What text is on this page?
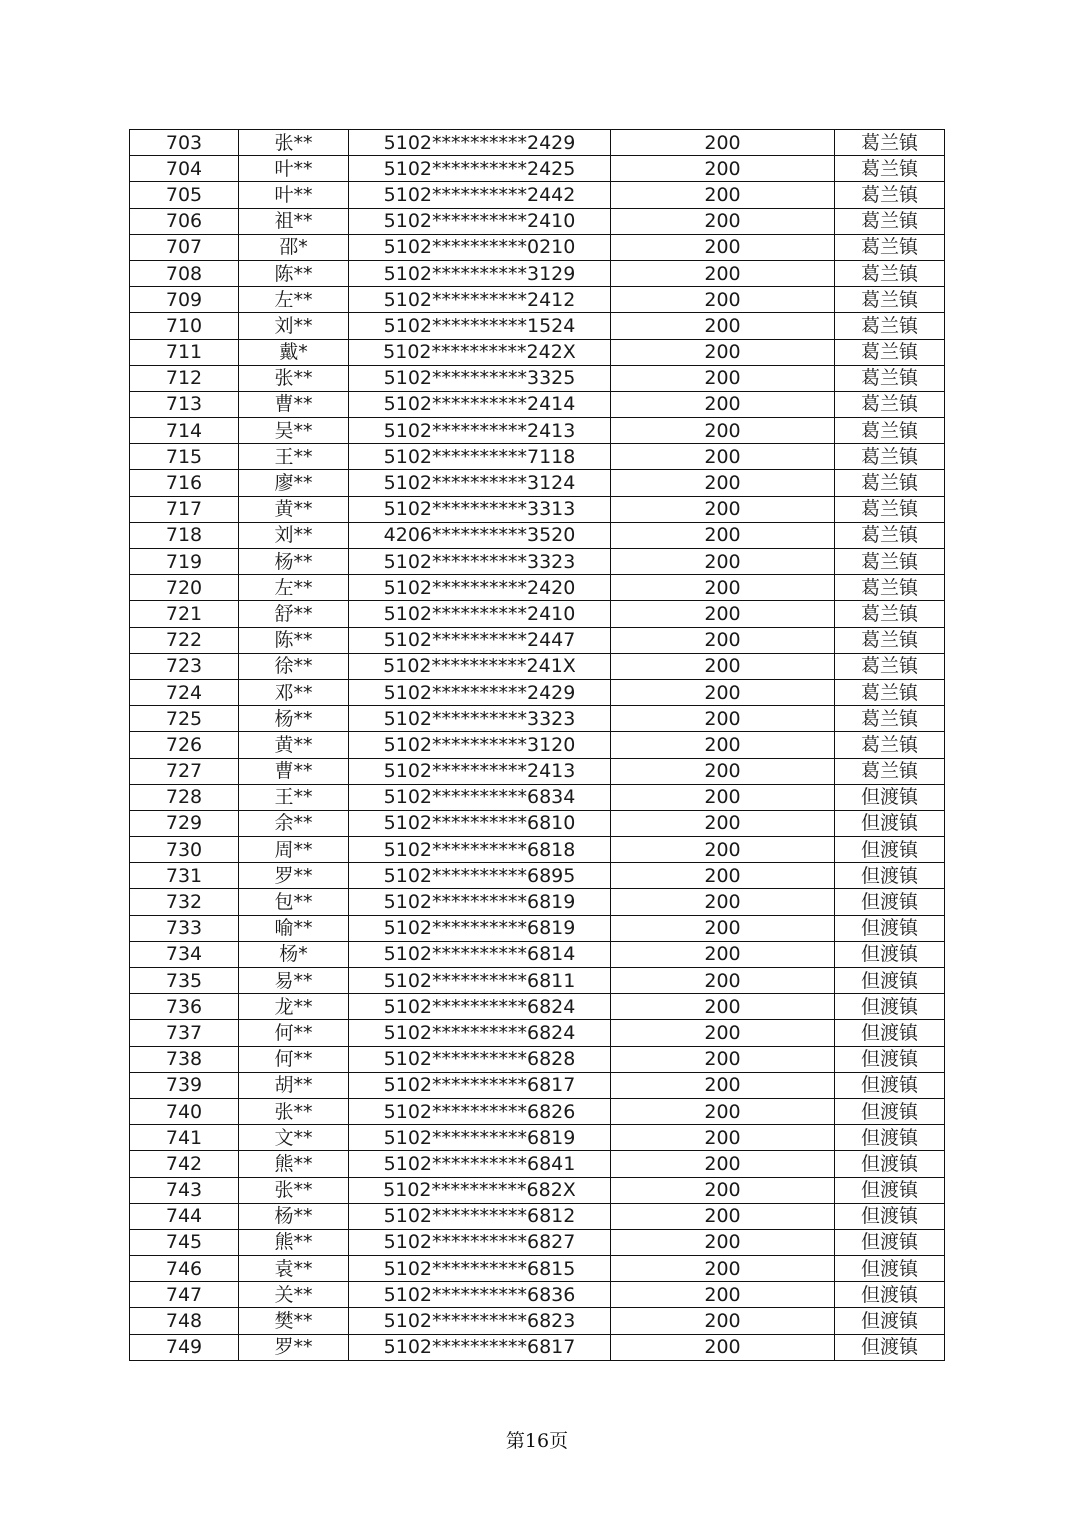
703	张**	5102**********2429	200	葛兰镇
704	叶**	5102**********2425	200	葛兰镇
705	叶**	5102**********2442	200	葛兰镇
706	祖**	5102**********2410	200	葛兰镇
707	邵*	5102**********0210	200	葛兰镇
708	陈**	5102**********3129	200	葛兰镇
709	左**	5102**********2412	200	葛兰镇
710	刘**	5102**********1524	200	葛兰镇
711	戴*	5102**********242X	200	葛兰镇
712	张**	5102**********3325	200	葛兰镇
713	曹**	5102**********2414	200	葛兰镇
714	吴**	5102**********2413	200	葛兰镇
715	王**	5102**********7118	200	葛兰镇
716	廖**	5102**********3124	200	葛兰镇
717	黄**	5102**********3313	200	葛兰镇
718	刘**	4206**********3520	200	葛兰镇
719	杨**	5102**********3323	200	葛兰镇
720	左**	5102**********2420	200	葛兰镇
721	舒**	5102**********2410	200	葛兰镇
722	陈**	5102**********2447	200	葛兰镇
723	徐**	5102**********241X	200	葛兰镇
724	邓**	5102**********2429	200	葛兰镇
725	杨**	5102**********3323	200	葛兰镇
726	黄**	5102**********3120	200	葛兰镇
727	曹**	5102**********2413	200	葛兰镇
728	王**	5102**********6834	200	但渡镇
729	余**	5102**********6810	200	但渡镇
730	周**	5102**********6818	200	但渡镇
731	罗**	5102**********6895	200	但渡镇
732	包**	5102**********6819	200	但渡镇
733	喻**	5102**********6819	200	但渡镇
734	杨*	5102**********6814	200	但渡镇
735	易**	5102**********6811	200	但渡镇
736	龙**	5102**********6824	200	但渡镇
737	何**	5102**********6824	200	但渡镇
738	何**	5102**********6828	200	但渡镇
739	胡**	5102**********6817	200	但渡镇
740	张**	5102**********6826	200	但渡镇
741	文**	5102**********6819	200	但渡镇
742	熊**	5102**********6841	200	但渡镇
743	张**	5102**********682X	200	但渡镇
744	杨**	5102**********6812	200	但渡镇
745	熊**	5102**********6827	200	但渡镇
746	袁**	5102**********6815	200	但渡镇
747	关**	5102**********6836	200	但渡镇
748	樊**	5102**********6823	200	但渡镇
749	罗**	5102**********6817	200	但渡镇
第16页
